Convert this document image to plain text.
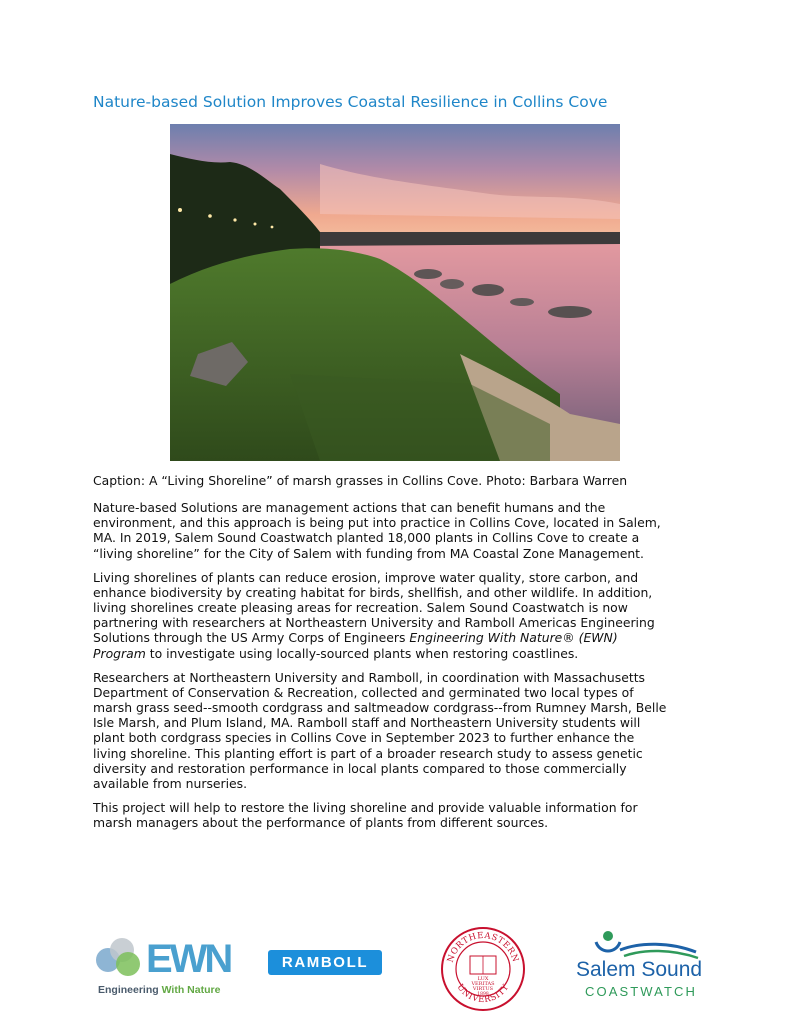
Nature-based Solution Improves Coastal Resilience in Collins Cove
Caption: A “Living Shoreline” of marsh grasses in Collins Cove. Photo: Barbara Warren

Nature-based Solutions are management actions that can benefit humans and the
environment, and this approach is being put into practice in Collins Cove, located in Salem,
MA. In 2019, Salem Sound Coastwatch planted 18,000 plants in Collins Cove to create a
“living shoreline” for the City of Salem with funding from MA Coastal Zone Management.

Living shorelines of plants can reduce erosion, improve water quality, store carbon, and
enhance biodiversity by creating habitat for birds, shellfish, and other wildlife. In addition,
living shorelines create pleasing areas for recreation. Salem Sound Coastwatch is now
partnering with researchers at Northeastern University and Ramboll Americas Engineering
Solutions through the US Army Corps of Engineers Engineering With Nature® (EWN)
Program to investigate using locally-sourced plants when restoring coastlines.

Researchers at Northeastern University and Ramboll, in coordination with Massachusetts
Department of Conservation & Recreation, collected and germinated two local types of
marsh grass seed--smooth cordgrass and saltmeadow cordgrass--from Rumney Marsh, Belle
Isle Marsh, and Plum Island, MA. Ramboll staff and Northeastern University students will
plant both cordgrass species in Collins Cove in September 2023 to further enhance the
living shoreline. This planting effort is part of a broader research study to assess genetic
diversity and restoration performance in local plants compared to those commercially
available from nurseries.

This project will help to restore the living shoreline and provide valuable information for
marsh managers about the performance of plants from different sources.

EWN
Engineering With Nature
RAMBOLL	NORTHEASTERN
UNIVERSITY
LUX
VERITAS
VIRTUS
1898
Salem Sound
COASTWATCH
